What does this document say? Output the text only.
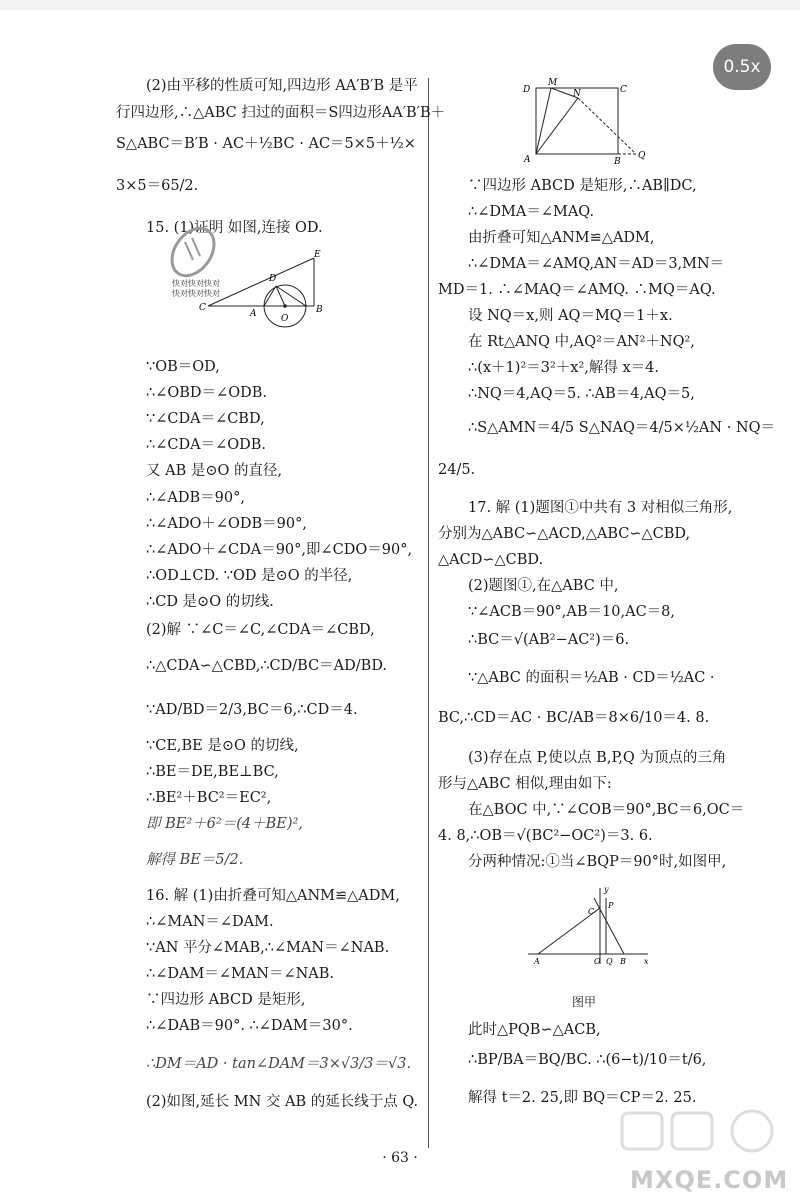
0.5x
(2)由平移的性质可知,四边形 AA′B′B 是平
行四边形,∴△ABC 扫过的面积＝S四边形AA′B′B＋
S△ABC＝B′B · AC＋½BC · AC＝5×5＋½×
3×5＝65/2.
15. (1)证明 如图,连接 OD.
快对快对快对
快对快对快对
E
D
C
A	O
B
∵OB＝OD,
∴∠OBD＝∠ODB.
∵∠CDA＝∠CBD,
∴∠CDA＝∠ODB.
又 AB 是⊙O 的直径,
∴∠ADB＝90°,
∴∠ADO＋∠ODB＝90°,
∴∠ADO＋∠CDA＝90°,即∠CDO＝90°,
∴OD⊥CD. ∵OD 是⊙O 的半径,
∴CD 是⊙O 的切线.
(2)解 ∵∠C＝∠C,∠CDA＝∠CBD,
∴△CDA∽△CBD,∴CD/BC＝AD/BD.
∵AD/BD＝2/3,BC＝6,∴CD＝4.
∵CE,BE 是⊙O 的切线,
∴BE＝DE,BE⊥BC,
∴BE²＋BC²＝EC²,
即 BE²＋6²＝(4＋BE)²,
解得 BE＝5/2.
16. 解 (1)由折叠可知△ANM≌△ADM,
∴∠MAN＝∠DAM.
∵AN 平分∠MAB,∴∠MAN＝∠NAB.
∴∠DAM＝∠MAN＝∠NAB.
∵四边形 ABCD 是矩形,
∴∠DAB＝90°. ∴∠DAM＝30°.
∴DM＝AD · tan∠DAM＝3×√3/3＝√3.
(2)如图,延长 MN 交 AB 的延长线于点 Q.
D
M
C
N
A	B
Q
∵四边形 ABCD 是矩形,∴AB∥DC,
∴∠DMA＝∠MAQ.
由折叠可知△ANM≌△ADM,
∴∠DMA＝∠AMQ,AN＝AD＝3,MN＝
MD＝1. ∴∠MAQ＝∠AMQ. ∴MQ＝AQ.
设 NQ＝x,则 AQ＝MQ＝1＋x.
在 Rt△ANQ 中,AQ²＝AN²＋NQ²,
∴(x＋1)²＝3²＋x²,解得 x＝4.
∴NQ＝4,AQ＝5. ∴AB＝4,AQ＝5,
∴S△AMN＝4/5 S△NAQ＝4/5×½AN · NQ＝
24/5.
17. 解 (1)题图①中共有 3 对相似三角形,
分别为△ABC∽△ACD,△ABC∽△CBD,
△ACD∽△CBD.
(2)题图①,在△ABC 中,
∵∠ACB＝90°,AB＝10,AC＝8,
∴BC＝√(AB²−AC²)＝6.
∵△ABC 的面积＝½AB · CD＝½AC ·
BC,∴CD＝AC · BC/AB＝8×6/10＝4. 8.
(3)存在点 P,使以点 B,P,Q 为顶点的三角
形与△ABC 相似,理由如下:
在△BOC 中,∵∠COB＝90°,BC＝6,OC＝
4. 8,∴OB＝√(BC²−OC²)＝3. 6.
分两种情况:①当∠BQP＝90°时,如图甲,
y
C
P
A	O Q B x
图甲
此时△PQB∽△ACB,
∴BP/BA＝BQ/BC. ∴(6−t)/10＝t/6,
解得 t＝2. 25,即 BQ＝CP＝2. 25.
· 63 ·
MXQE.COM
